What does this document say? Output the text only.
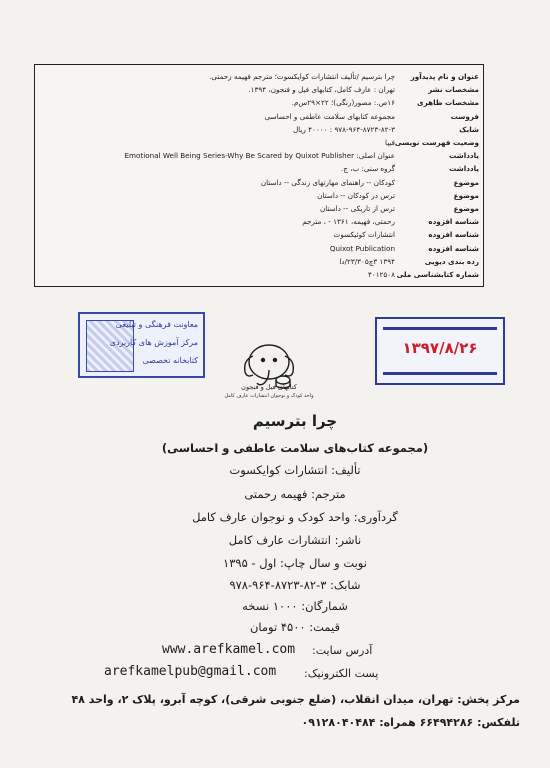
عنوان و نام پدیدآور
چرا بترسیم /تألیف انتشارات کوایکسوت؛ مترجم فهیمه رحمتی.
مشخصات نشر
تهران : عارف کامل، کتابهای فیل و فنجون، ۱۳۹۴.
مشخصات ظاهری
۱۶ص.: مصور(رنگی)؛ ۲۲×۲۹س‌م.
فروست
مجموعه کتابهای سلامت عاطفی و احساسی
شابک
۹۷۸-۹۶۴-۸۷۲۳-۸۲-۳ : ۴۰۰۰۰ ریال
وضعیت فهرست نویسی
فیپا
یادداشت
عنوان اصلی: Emotional Well Being Series-Why Be Scared by Quixot Publisher
یادداشت
گروه سنی: ب، ج.
موضوع
کودکان -- راهنمای مهارتهای زندگی -- داستان
موضوع
ترس در کودکان -- داستان
موضوع
ترس از تاریکی -- داستان
شناسه افزوده
رحمتی، فهیمه، ۱۳۶۱ - ، مترجم
شناسه افزوده
انتشارات کوئیکسوت
شناسه افزوده
Quixot Publication
رده بندی دیویی
۱۳۹۴ ۳چ۲۳/۳۰۵/دا
شماره کتابشناسی ملی
۴۰۱۲۵۰۸
معاونت فرهنگی و تبلیغی
مرکز آموزش های کاربردی
کتابخانه تخصصی
کتابهای فیل و فنجون
واحد کودک و نوجوان انتشارات عارف کامل
۱۳۹۷/۸/۲۶
چرا بترسیم
(مجموعه کتاب‌های سلامت عاطفی و احساسی)
تألیف: انتشارات کوایکسوت
مترجم: فهیمه رحمتی
گردآوری: واحد کودک و نوجوان عارف کامل
ناشر: انتشارات عارف کامل
نوبت و سال چاپ: اول - ۱۳۹۵
شابک: ۳-۸۲-۸۷۲۳-۹۶۴-۹۷۸
شمارگان: ۱۰۰۰ نسخه
قیمت: ۴۵۰۰ تومان
www.arefkamel.com آدرس سایت:
arefkamelpub@gmail.com	پست الکترونیک:
مرکز پخش: تهران، میدان انقلاب، (ضلع جنوبی شرقی)، کوچه آبرو، پلاک ۲، واحد ۴۸
تلفکس: ۶۶۴۹۴۲۸۶ همراه: ۰۹۱۲۸۰۴۰۴۸۴
